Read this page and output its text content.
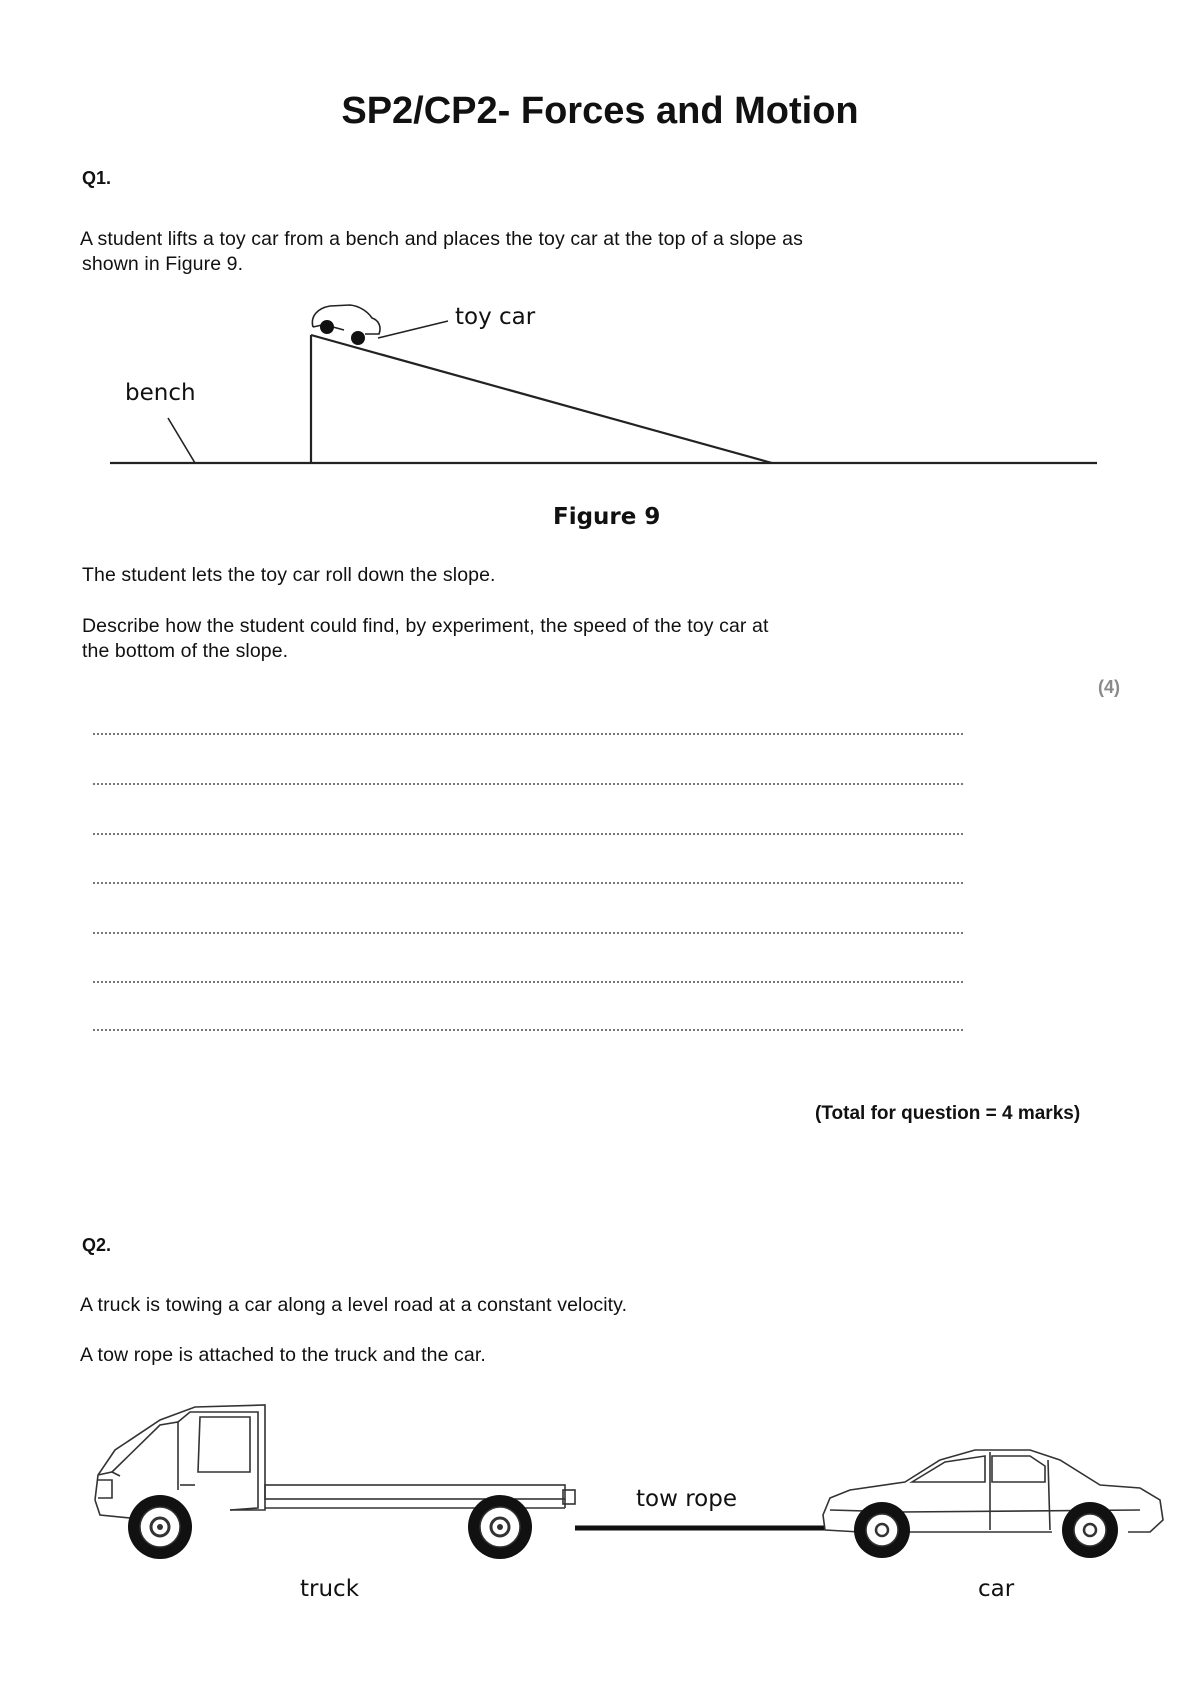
SP2/CP2- Forces and Motion
Q1.
A student lifts a toy car from a bench and places the toy car at the top of a slope as
shown in Figure 9.
toy car
bench
Figure 9
The student lets the toy car roll down the slope.
Describe how the student could find, by experiment, the speed of the toy car at
the bottom of the slope.
(4)
(Total for question = 4 marks)
Q2.
A truck is towing a car along a level road at a constant velocity.
A tow rope is attached to the truck and the car.
tow rope
truck	car
